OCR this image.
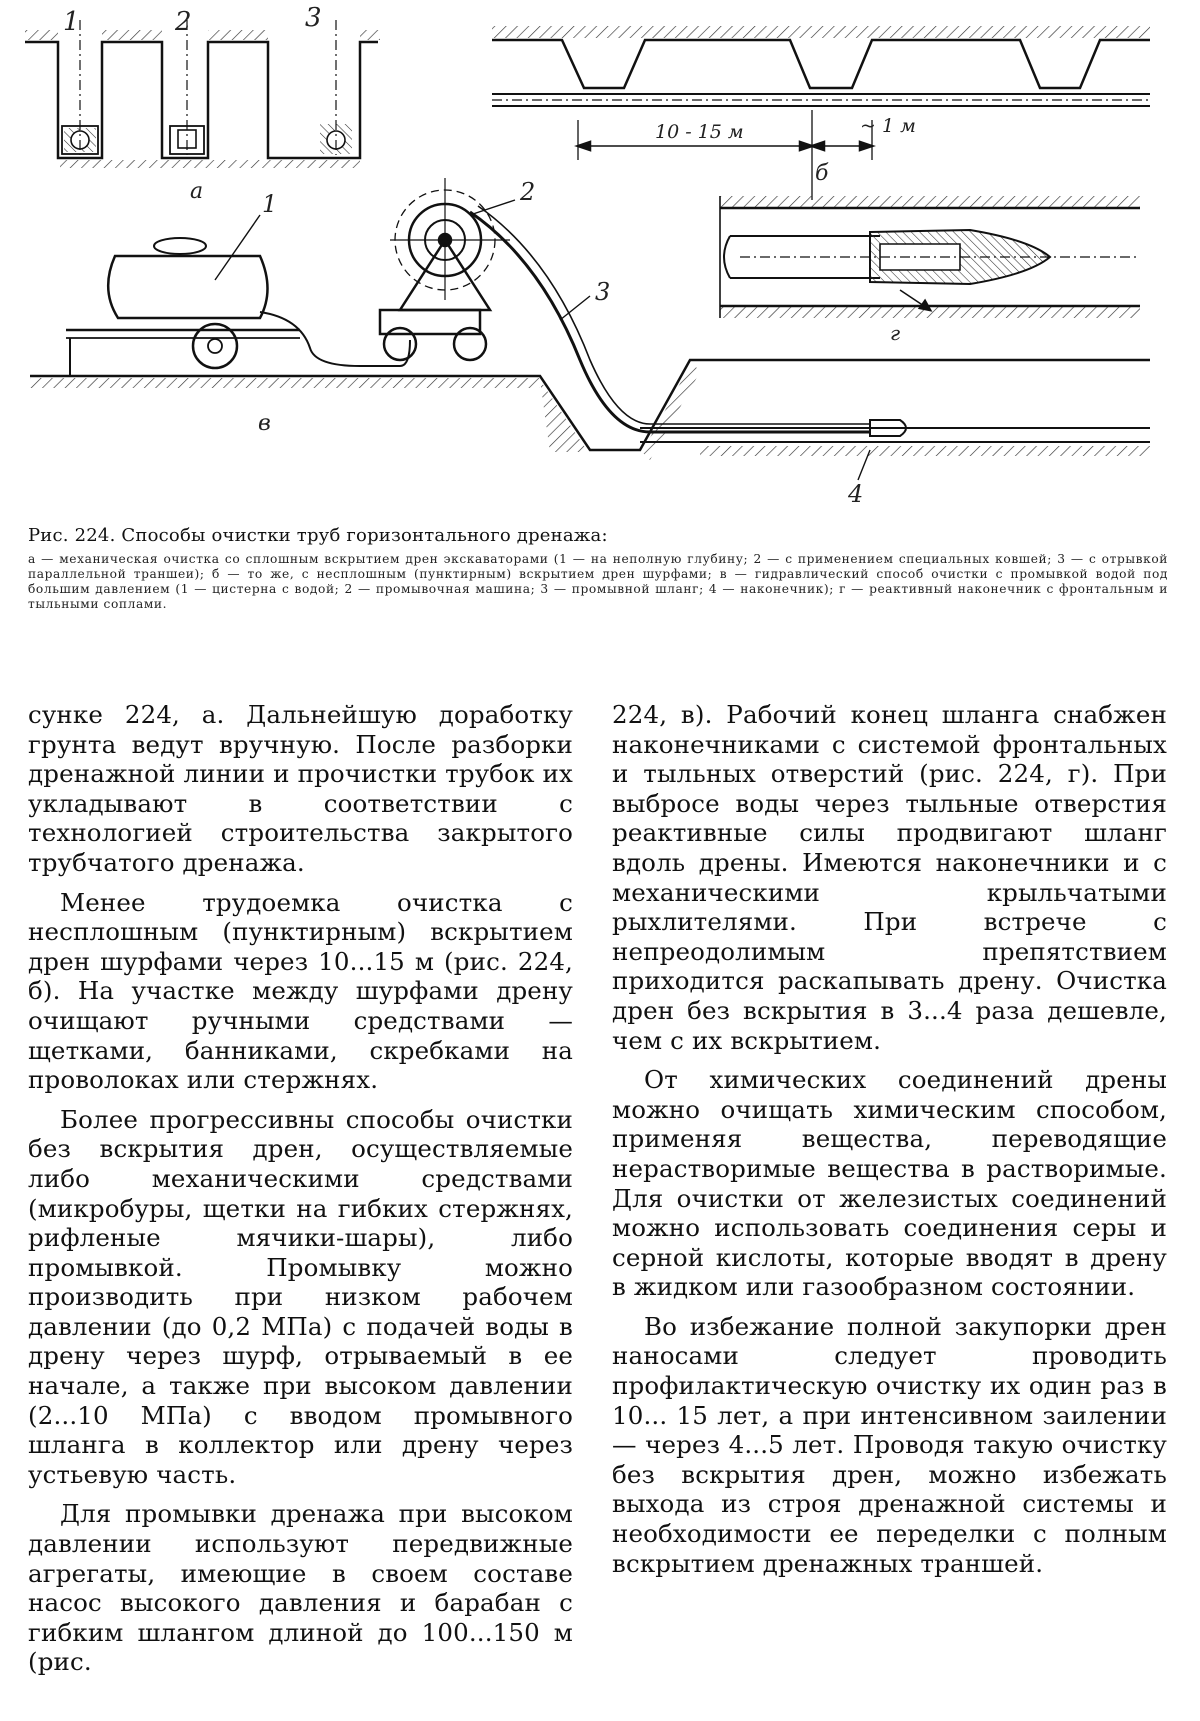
1	2	3
а
10 - 15 м	~ 1 м
б
г
1	2
3
4
в

Рис. 224. Способы очистки труб горизонтального дренажа:

а — механическая очистка со сплошным вскрытием дрен экскаваторами (1 — на неполную глубину; 2 — с применением специальных ковшей; 3 — с отрывкой параллельной траншеи); б — то же, с несплошным (пунктирным) вскрытием дрен шурфами; в — гидравлический способ очистки с промывкой водой под большим давлением (1 — цистерна с водой; 2 — промывочная машина; 3 — промывной шланг; 4 — наконечник); г — реактивный наконечник с фронтальным и тыльными соплами.

сунке 224, а. Дальнейшую доработку грунта ведут вручную. После разборки дренажной линии и прочистки трубок их укладывают в соответствии с технологией строительства закрытого трубчатого дренажа.

Менее трудоемка очистка с несплошным (пунктирным) вскрытием дрен шурфами через 10...15 м (рис. 224, б). На участке между шурфами дрену очищают ручными средствами — щетками, банниками, скребками на проволоках или стержнях.

Более прогрессивны способы очистки без вскрытия дрен, осуществляемые либо механическими средствами (микробуры, щетки на гибких стержнях, рифленые мячики-шары), либо промывкой. Промывку можно производить при низком рабочем давлении (до 0,2 МПа) с подачей воды в дрену через шурф, отрываемый в ее начале, а также при высоком давлении (2...10 МПа) с вводом промывного шланга в коллектор или дрену через устьевую часть.

Для промывки дренажа при высоком давлении используют передвижные агрегаты, имеющие в своем составе насос высокого давления и барабан с гибким шлангом длиной до 100...150 м (рис.

224, в). Рабочий конец шланга снабжен наконечниками с системой фронтальных и тыльных отверстий (рис. 224, г). При выбросе воды через тыльные отверстия реактивные силы продвигают шланг вдоль дрены. Имеются наконечники и с механическими крыльчатыми рыхлителями. При встрече с непреодолимым препятствием приходится раскапывать дрену. Очистка дрен без вскрытия в 3...4 раза дешевле, чем с их вскрытием.

От химических соединений дрены можно очищать химическим способом, применяя вещества, переводящие нерастворимые вещества в растворимые. Для очистки от железистых соединений можно использовать соединения серы и серной кислоты, которые вводят в дрену в жидком или газообразном состоянии.

Во избежание полной закупорки дрен наносами следует проводить профилактическую очистку их один раз в 10... 15 лет, а при интенсивном заилении — через 4...5 лет. Проводя такую очистку без вскрытия дрен, можно избежать выхода из строя дренажной системы и необходимости ее переделки с полным вскрытием дренажных траншей.
